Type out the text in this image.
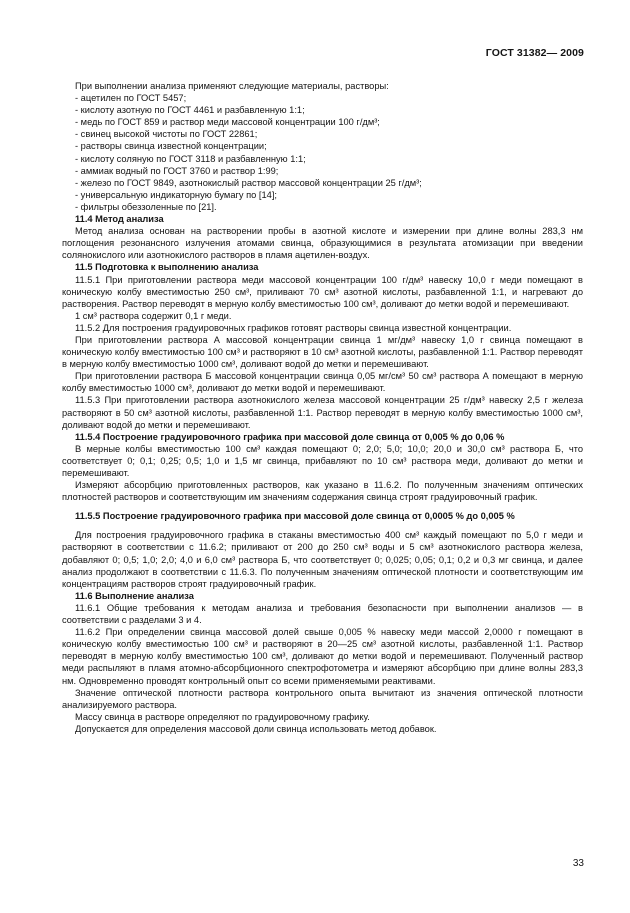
ГОСТ 31382— 2009

При выполнении анализа применяют следующие материалы, растворы:

- ацетилен по ГОСТ 5457;

- кислоту азотную по ГОСТ 4461 и разбавленную 1:1;

- медь по ГОСТ 859 и раствор меди массовой концентрации 100 г/дм³;

- свинец высокой чистоты по ГОСТ 22861;

- растворы свинца известной концентрации;

- кислоту соляную по ГОСТ 3118 и разбавленную 1:1;

- аммиак водный по ГОСТ 3760 и раствор 1:99;

- железо по ГОСТ 9849, азотнокислый раствор массовой концентрации 25 г/дм³;

- универсальную индикаторную бумагу по [14];

- фильтры обеззоленные по [21].

11.4 Метод анализа

Метод анализа основан на растворении пробы в азотной кислоте и измерении при длине волны 283,3 нм поглощения резонансного излучения атомами свинца, образующимися в результата атомизации при введении солянокислого или азотнокислого растворов в пламя ацетилен-воздух.

11.5 Подготовка к выполнению анализа

11.5.1 При приготовлении раствора меди массовой концентрации 100 г/дм³ навеску 10,0 г меди помещают в коническую колбу вместимостью 250 см³, приливают 70 см³ азотной кислоты, разбавленной 1:1, и нагревают до растворения. Раствор переводят в мерную колбу вместимостью 100 см³, доливают до метки водой и перемешивают.

1 см³ раствора содержит 0,1 г меди.

11.5.2 Для построения градуировочных графиков готовят растворы свинца известной концентрации.

При приготовлении раствора А массовой концентрации свинца 1 мг/дм³ навеску 1,0 г свинца помещают в коническую колбу вместимостью 100 см³ и растворяют в 10 см³ азотной кислоты, разбавленной 1:1. Раствор переводят в мерную колбу вместимостью 1000 см³, доливают водой до метки и перемешивают.

При приготовлении раствора Б массовой концентрации свинца 0,05 мг/см³ 50 см³ раствора А помещают в мерную колбу вместимостью 1000 см³, доливают до метки водой и перемешивают.

11.5.3 При приготовлении раствора азотнокислого железа массовой концентрации 25 г/дм³ навеску 2,5 г железа растворяют в 50 см³ азотной кислоты, разбавленной 1:1. Раствор переводят в мерную колбу вместимостью 1000 см³, доливают водой до метки и перемешивают.

11.5.4 Построение градуировочного графика при массовой доле свинца от 0,005 % до 0,06 %

В мерные колбы вместимостью 100 см³ каждая помещают 0; 2,0; 5,0; 10,0; 20,0 и 30,0 см³ раствора Б, что соответствует 0; 0,1; 0,25; 0,5; 1,0 и 1,5 мг свинца, прибавляют по 10 см³ раствора меди, доливают до метки и перемешивают.

Измеряют абсорбцию приготовленных растворов, как указано в 11.6.2. По полученным значениям оптических плотностей растворов и соответствующим им значениям содержания свинца строят градуировочный график.

11.5.5 Построение градуировочного графика при массовой доле свинца от 0,0005 % до 0,005 %

Для построения градуировочного графика в стаканы вместимостью 400 см³ каждый помещают по 5,0 г меди и растворяют в соответствии с 11.6.2; приливают от 200 до 250 см³ воды и 5 см³ азотнокислого раствора железа, добавляют 0; 0,5; 1,0; 2,0; 4,0 и 6,0 см³ раствора Б, что соответствует 0; 0,025; 0,05; 0,1; 0,2 и 0,3 мг свинца, и далее анализ продолжают в соответствии с 11.6.3. По полученным значениям оптической плотности и соответствующим им концентрациям растворов строят градуировочный график.

11.6 Выполнение анализа

11.6.1 Общие требования к методам анализа и требования безопасности при выполнении анализов — в соответствии с разделами 3 и 4.

11.6.2 При определении свинца массовой долей свыше 0,005 % навеску меди массой 2,0000 г помещают в коническую колбу вместимостью 100 см³ и растворяют в 20—25 см³ азотной кислоты, разбавленной 1:1. Раствор переводят в мерную колбу вместимостью 100 см³, доливают до метки водой и перемешивают. Полученный раствор меди распыляют в пламя атомно-абсорбционного спектрофотометра и измеряют абсорбцию при длине волны 283,3 нм. Одновременно проводят контрольный опыт со всеми применяемыми реактивами.

Значение оптической плотности раствора контрольного опыта вычитают из значения оптической плотности анализируемого раствора.

Массу свинца в растворе определяют по градуировочному графику.

Допускается для определения массовой доли свинца использовать метод добавок.

33
